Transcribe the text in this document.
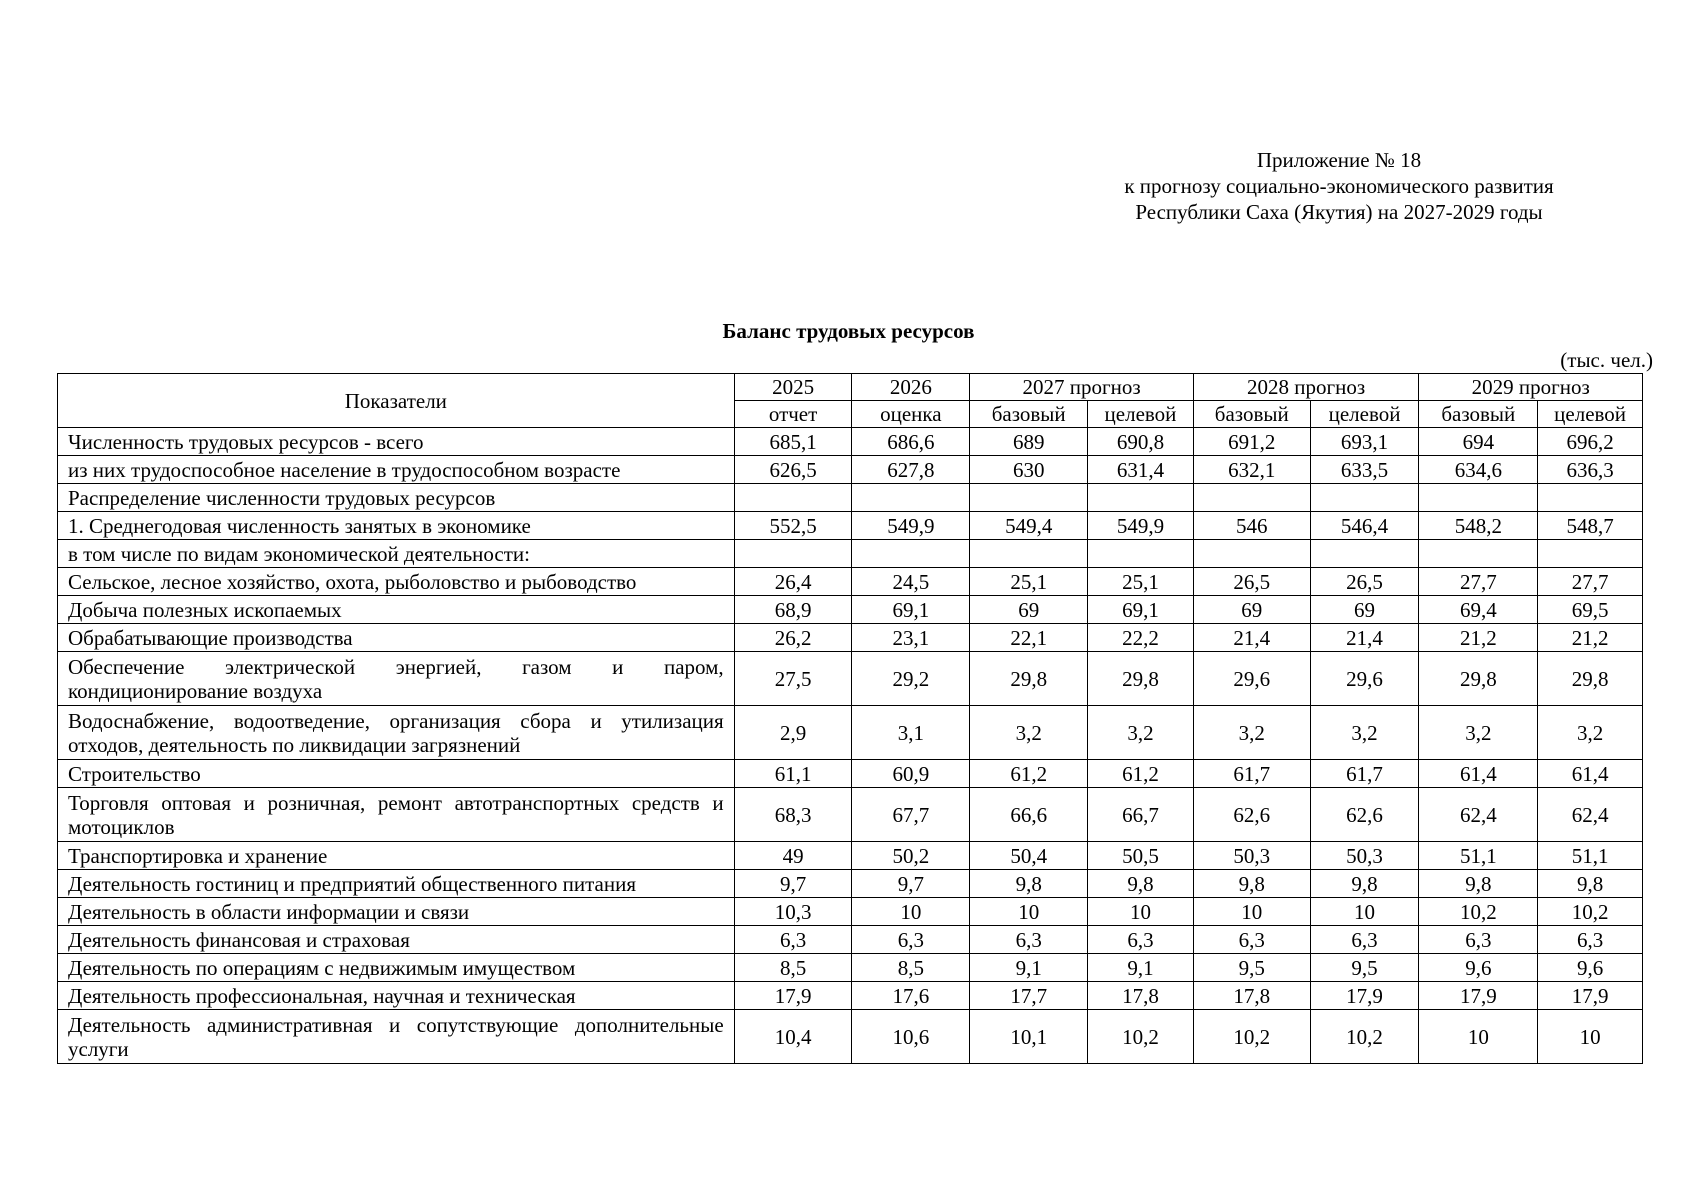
Приложение № 18
к прогнозу социально-экономического развития
Республики Саха (Якутия) на 2027-2029 годы
Баланс трудовых ресурсов
(тыс. чел.)
Показатели	2025	2026	2027 прогноз		2028 прогноз		2029 прогноз	
	отчет	оценка	базовый	целевой	базовый	целевой	базовый	целевой
Численность трудовых ресурсов - всего	685,1	686,6	689	690,8	691,2	693,1	694	696,2
из них трудоспособное население в трудоспособном возрасте	626,5	627,8	630	631,4	632,1	633,5	634,6	636,3
Распределение численности трудовых ресурсов								
1. Среднегодовая численность занятых в экономике	552,5	549,9	549,4	549,9	546	546,4	548,2	548,7
в том числе по видам экономической деятельности:								
Сельское, лесное хозяйство, охота, рыболовство и рыбоводство	26,4	24,5	25,1	25,1	26,5	26,5	27,7	27,7
Добыча полезных ископаемых	68,9	69,1	69	69,1	69	69	69,4	69,5
Обрабатывающие производства	26,2	23,1	22,1	22,2	21,4	21,4	21,2	21,2
Обеспечение электрической энергией, газом и паром, кондиционирование воздуха	27,5	29,2	29,8	29,8	29,6	29,6	29,8	29,8
Водоснабжение, водоотведение, организация сбора и утилизация отходов, деятельность по ликвидации загрязнений	2,9	3,1	3,2	3,2	3,2	3,2	3,2	3,2
Строительство	61,1	60,9	61,2	61,2	61,7	61,7	61,4	61,4
Торговля оптовая и розничная, ремонт автотранспортных средств и мотоциклов	68,3	67,7	66,6	66,7	62,6	62,6	62,4	62,4
Транспортировка и хранение	49	50,2	50,4	50,5	50,3	50,3	51,1	51,1
Деятельность гостиниц и предприятий общественного питания	9,7	9,7	9,8	9,8	9,8	9,8	9,8	9,8
Деятельность в области информации и связи	10,3	10	10	10	10	10	10,2	10,2
Деятельность финансовая и страховая	6,3	6,3	6,3	6,3	6,3	6,3	6,3	6,3
Деятельность по операциям с недвижимым имуществом	8,5	8,5	9,1	9,1	9,5	9,5	9,6	9,6
Деятельность профессиональная, научная и техническая	17,9	17,6	17,7	17,8	17,8	17,9	17,9	17,9
Деятельность административная и сопутствующие дополнительные услуги	10,4	10,6	10,1	10,2	10,2	10,2	10	10
